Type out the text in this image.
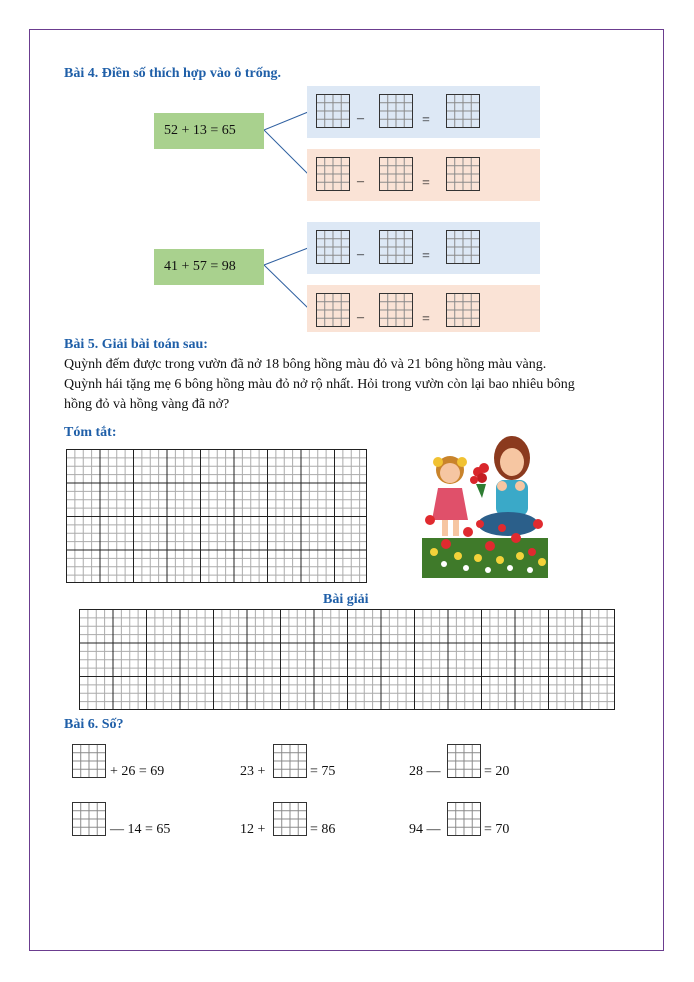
Bài 4. Điền số thích hợp vào ô trống.
52 + 13 = 65
41 + 57 = 98
–	=
–	=
–	=
–	=
Bài 5. Giải bài toán sau:
Quỳnh đếm được trong vườn đã nở 18 bông hồng màu đỏ và 21 bông hồng màu vàng.
Quỳnh hái tặng mẹ 6 bông hồng màu đỏ nở rộ nhất. Hỏi trong vườn còn lại bao nhiêu bông
hồng đỏ và hồng vàng đã nở?
Tóm tắt:
Bài giải
Bài 6. Số?
+ 26 = 69	23 +	= 75	28 —	= 20
— 14 = 65	12 +	= 86	94 —	= 70
